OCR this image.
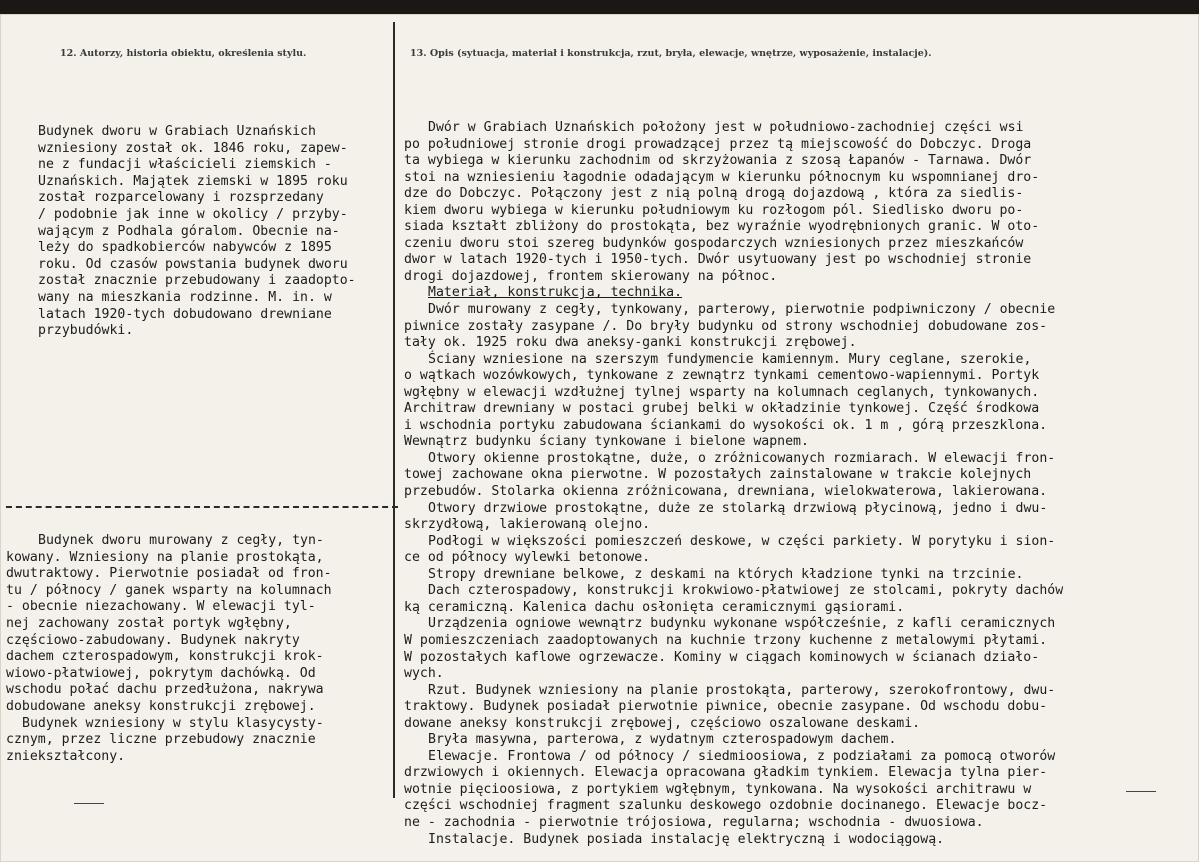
12. Autorzy, historia obiektu, określenia stylu.	13. Opis (sytuacja, materiał i konstrukcja, rzut, bryła, elewacje, wnętrze, wyposażenie, instalacje).
Budynek dworu w Grabiach Uznańskich
wzniesiony został ok. 1846 roku, zapew-
ne z fundacji właścicieli ziemskich -
Uznańskich. Majątek ziemski w 1895 roku
został rozparcelowany i rozsprzedany
/ podobnie jak inne w okolicy / przyby-
wającym z Podhala góralom. Obecnie na-
leży do spadkobierców nabywców z 1895
roku. Od czasów powstania budynek dworu
został znacznie przebudowany i zaadopto-
wany na mieszkania rodzinne. M. in. w
latach 1920-tych dobudowano drewniane
przybudówki.
Budynek dworu murowany z cegły, tyn-
kowany. Wzniesiony na planie prostokąta,
dwutraktowy. Pierwotnie posiadał od fron-
tu / północy / ganek wsparty na kolumnach
- obecnie niezachowany. W elewacji tyl-
nej zachowany został portyk wgłębny,
częściowo-zabudowany. Budynek nakryty
dachem czterospadowym, konstrukcji krok-
wiowo-płatwiowej, pokrytym dachówką. Od
wschodu połać dachu przedłużona, nakrywa
dobudowane aneksy konstrukcji zrębowej.
Budynek wzniesiony w stylu klasycysty-
cznym, przez liczne przebudowy znacznie
zniekształcony.
Dwór w Grabiach Uznańskich położony jest w południowo-zachodniej części wsi
po południowej stronie drogi prowadzącej przez tą miejscowość do Dobczyc. Droga
ta wybiega w kierunku zachodnim od skrzyżowania z szosą Łapanów - Tarnawa. Dwór
stoi na wzniesieniu łagodnie odadającym w kierunku północnym ku wspomnianej dro-
dze do Dobczyc. Połączony jest z nią polną drogą dojazdową , która za siedlis-
kiem dworu wybiega w kierunku południowym ku rozłogom pól. Siedlisko dworu po-
siada kształt zbliżony do prostokąta, bez wyraźnie wyodrębnionych granic. W oto-
czeniu dworu stoi szereg budynków gospodarczych wzniesionych przez mieszkańców
dwor w latach 1920-tych i 1950-tych. Dwór usytuowany jest po wschodniej stronie
drogi dojazdowej, frontem skierowany na północ.
Materiał, konstrukcja, technika.
Dwór murowany z cegły, tynkowany, parterowy, pierwotnie podpiwniczony / obecnie
piwnice zostały zasypane /. Do bryły budynku od strony wschodniej dobudowane zos-
tały ok. 1925 roku dwa aneksy-ganki konstrukcji zrębowej.
Ściany wzniesione na szerszym fundymencie kamiennym. Mury ceglane, szerokie,
o wątkach wozówkowych, tynkowane z zewnątrz tynkami cementowo-wapiennymi. Portyk
wgłębny w elewacji wzdłużnej tylnej wsparty na kolumnach ceglanych, tynkowanych.
Architraw drewniany w postaci grubej belki w okładzinie tynkowej. Część środkowa
i wschodnia portyku zabudowana ściankami do wysokości ok. 1 m , górą przeszklona.
Wewnątrz budynku ściany tynkowane i bielone wapnem.
Otwory okienne prostokątne, duże, o zróżnicowanych rozmiarach. W elewacji fron-
towej zachowane okna pierwotne. W pozostałych zainstalowane w trakcie kolejnych
przebudów. Stolarka okienna zróżnicowana, drewniana, wielokwaterowa, lakierowana.
Otwory drzwiowe prostokątne, duże ze stolarką drzwiową płycinową, jedno i dwu-
skrzydłową, lakierowaną olejno.
Podłogi w większości pomieszczeń deskowe, w części parkiety. W porytyku i sion-
ce od północy wylewki betonowe.
Stropy drewniane belkowe, z deskami na których kładzione tynki na trzcinie.
Dach czterospadowy, konstrukcji krokwiowo-płatwiowej ze stolcami, pokryty dachów
ką ceramiczną. Kalenica dachu osłonięta ceramicznymi gąsiorami.
Urządzenia ogniowe wewnątrz budynku wykonane współcześnie, z kafli ceramicznych
W pomieszczeniach zaadoptowanych na kuchnie trzony kuchenne z metalowymi płytami.
W pozostałych kaflowe ogrzewacze. Kominy w ciągach kominowych w ścianach działo-
wych.
Rzut. Budynek wzniesiony na planie prostokąta, parterowy, szerokofrontowy, dwu-
traktowy. Budynek posiadał pierwotnie piwnice, obecnie zasypane. Od wschodu dobu-
dowane aneksy konstrukcji zrębowej, częściowo oszalowane deskami.
Bryła masywna, parterowa, z wydatnym czterospadowym dachem.
Elewacje. Frontowa / od północy / siedmioosiowa, z podziałami za pomocą otworów
drzwiowych i okiennych. Elewacja opracowana gładkim tynkiem. Elewacja tylna pier-
wotnie pięcioosiowa, z portykiem wgłębnym, tynkowana. Na wysokości architrawu w
części wschodniej fragment szalunku deskowego ozdobnie docinanego. Elewacje bocz-
ne - zachodnia - pierwotnie trójosiowa, regularna; wschodnia - dwuosiowa.
Instalacje. Budynek posiada instalację elektryczną i wodociągową.
